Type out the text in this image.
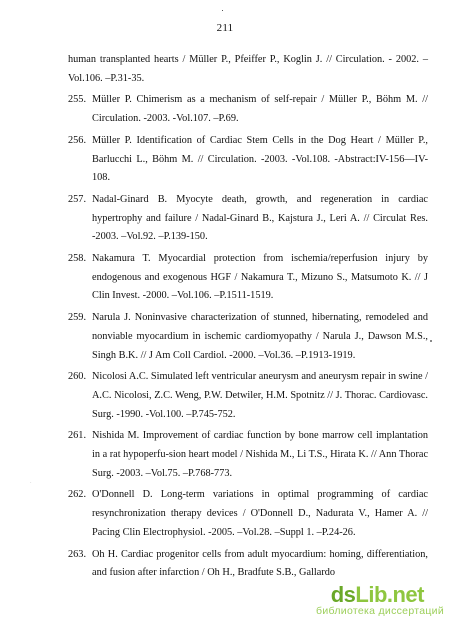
211
human transplanted hearts / Müller P., Pfeiffer P., Koglin J. // Circulation. - 2002. –Vol.106. –P.31-35.
255. Müller P. Chimerism as a mechanism of self-repair / Müller P., Böhm M. // Circulation. -2003. -Vol.107. –P.69.
256. Müller P. Identification of Cardiac Stem Cells in the Dog Heart / Müller P., Barlucchi L., Böhm M. // Circulation. -2003. -Vol.108. -Abstract:IV-156—IV-108.
257. Nadal-Ginard B. Myocyte death, growth, and regeneration in cardiac hypertrophy and failure / Nadal-Ginard B., Kajstura J., Leri A. // Circulat Res. -2003. –Vol.92. –P.139-150.
258. Nakamura T. Myocardial protection from ischemia/reperfusion injury by endogenous and exogenous HGF / Nakamura T., Mizuno S., Matsumoto K. // J Clin Invest. -2000. –Vol.106. –P.1511-1519.
259. Narula J. Noninvasive characterization of stunned, hibernating, remodeled and nonviable myocardium in ischemic cardiomyopathy / Narula J., Dawson M.S., Singh B.K. // J Am Coll Cardiol. -2000. –Vol.36. –P.1913-1919.
260. Nicolosi A.C. Simulated left ventricular aneurysm and aneurysm repair in swine / A.C. Nicolosi, Z.C. Weng, P.W. Detwiler, H.M. Spotnitz // J. Thorac. Cardiovasc. Surg. -1990. -Vol.100. –P.745-752.
261. Nishida M. Improvement of cardiac function by bone marrow cell implantation in a rat hypoperfu-sion heart model / Nishida M., Li T.S., Hirata K. // Ann Thorac Surg. -2003. –Vol.75. –P.768-773.
262. O'Donnell D. Long-term variations in optimal programming of cardiac resynchronization therapy devices / O'Donnell D., Nadurata V., Hamer A. // Pacing Clin Electrophysiol. -2005. –Vol.28. –Suppl 1. –P.24-26.
263. Oh H. Cardiac progenitor cells from adult myocardium: homing, differentiation, and fusion after infarction / Oh H., Bradfute S.B., Gallardo
·
dsLib.net
библиотека диссертаций
